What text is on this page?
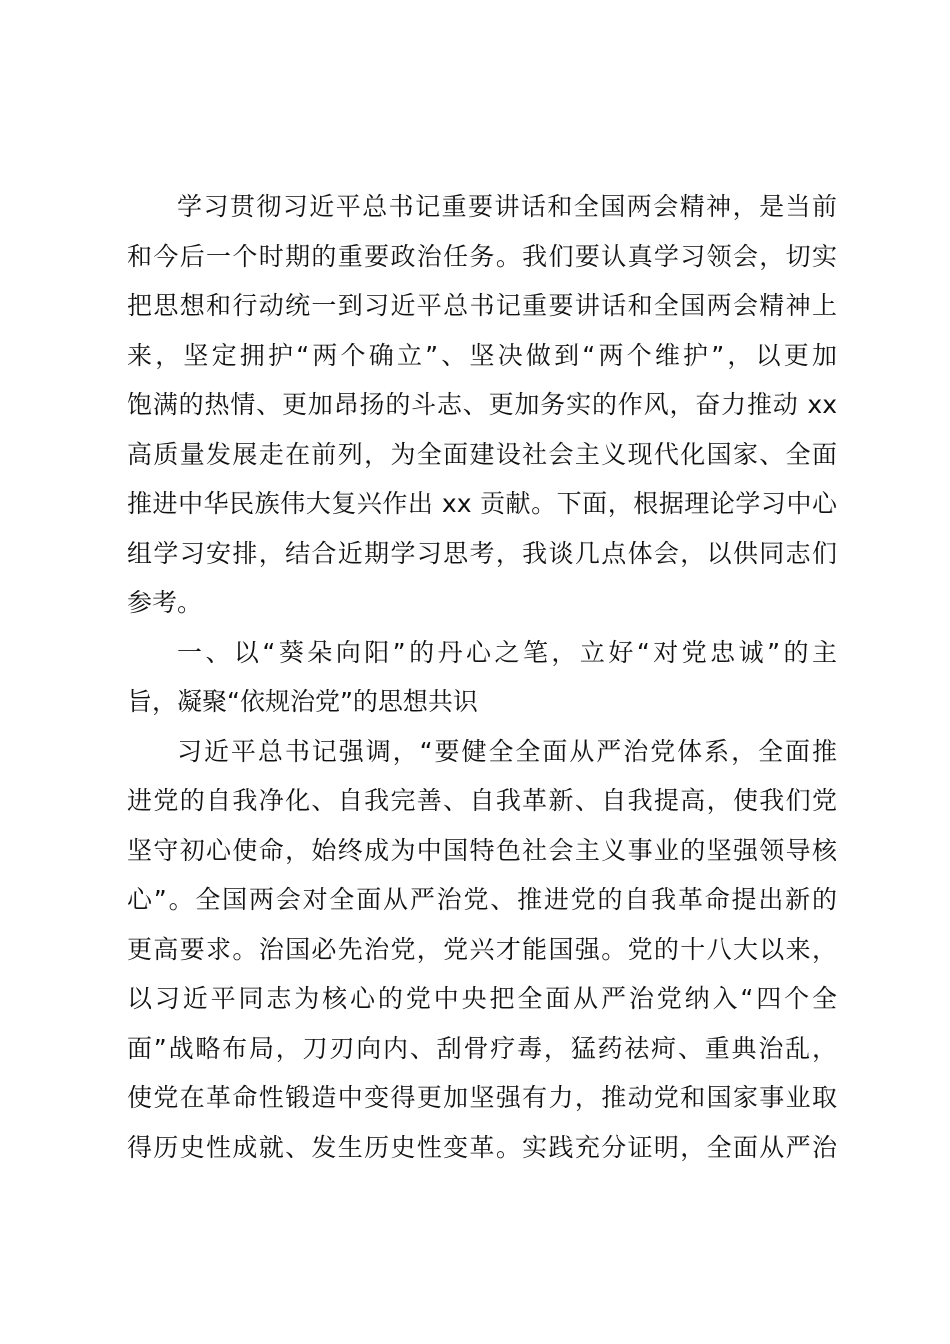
学习贯彻习近平总书记重要讲话和全国两会精神，是当前
和今后一个时期的重要政治任务。我们要认真学习领会，切实
把思想和行动统一到习近平总书记重要讲话和全国两会精神上
来，坚定拥护“两个确立”、坚决做到“两个维护”，以更加
饱满的热情、更加昂扬的斗志、更加务实的作风，奋力推动 xx
高质量发展走在前列，为全面建设社会主义现代化国家、全面
推进中华民族伟大复兴作出 xx 贡献。下面，根据理论学习中心
组学习安排，结合近期学习思考，我谈几点体会，以供同志们
参考。
一、以“葵朵向阳”的丹心之笔，立好“对党忠诚”的主
旨，凝聚“依规治党”的思想共识
习近平总书记强调，“要健全全面从严治党体系，全面推
进党的自我净化、自我完善、自我革新、自我提高，使我们党
坚守初心使命，始终成为中国特色社会主义事业的坚强领导核
心”。全国两会对全面从严治党、推进党的自我革命提出新的
更高要求。治国必先治党，党兴才能国强。党的十八大以来，
以习近平同志为核心的党中央把全面从严治党纳入“四个全
面”战略布局，刀刃向内、刮骨疗毒，猛药祛疴、重典治乱，
使党在革命性锻造中变得更加坚强有力，推动党和国家事业取
得历史性成就、发生历史性变革。实践充分证明，全面从严治
